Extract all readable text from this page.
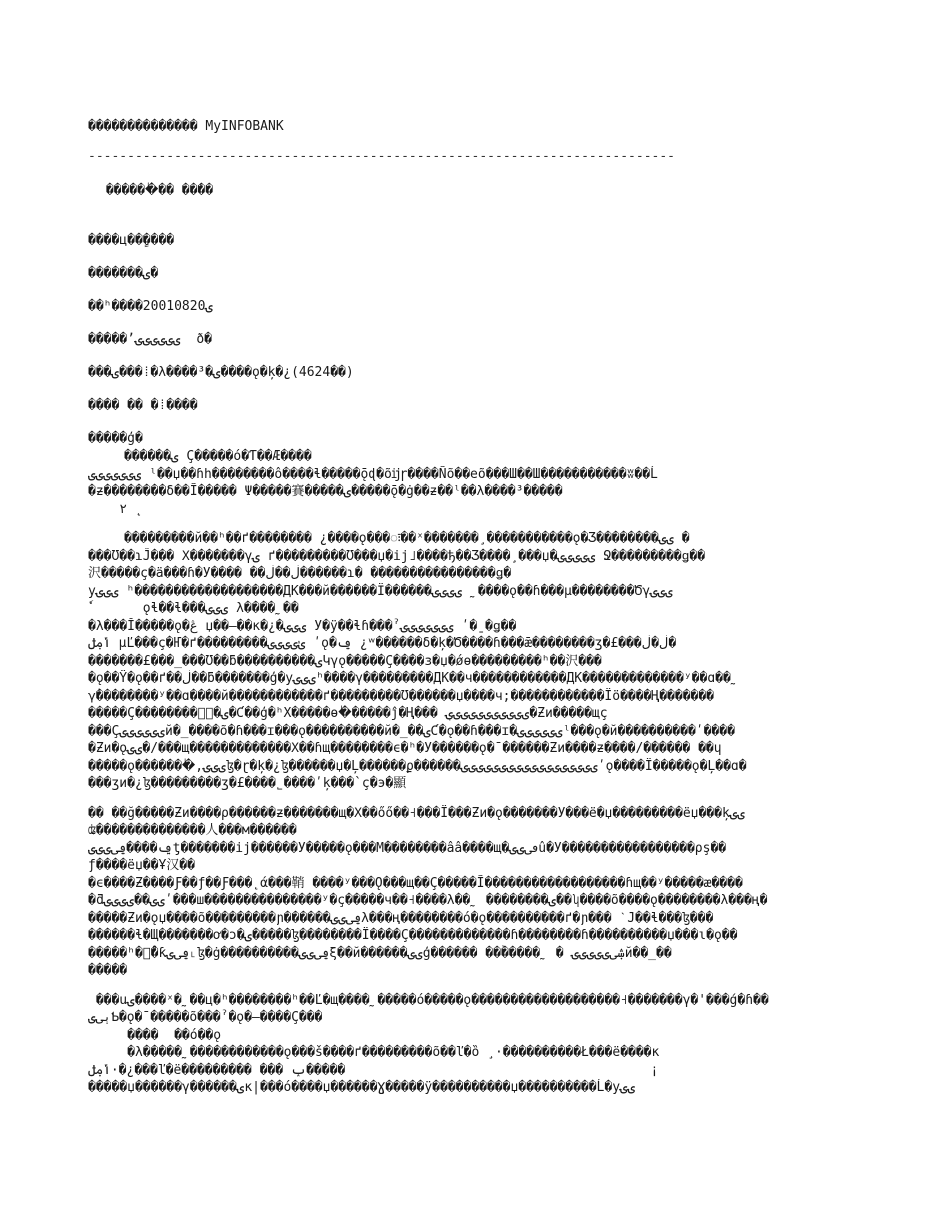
�������������� MyINFOBANK
---------------------------------------------------------------------------
������ٰ�� ���ٔ�
����ц���ٍ���
�������ۍ�
��ʰ����20010820ۍ
�����ʼۍۍۍۍۍۍ  ð�
���ۍ���⁞�λ����³�ۍ����ǫ�ķ�¿(4624��)
���� �� �⁞����
�����ģ�
������ۍ Ç�����ó�Ƭ��Æ����
ۍۍۍۍۍۍۍ ˡ��џ��ɦh��������ô����ɬ�����ǭɖ�õĳɼ����Ñõ��eõ���Ш��Ш�����������ʬ��Ĺ
�ƶ��������δ��Ĩ����� Ψ�����賽�����ۍ�����ǭ�ġ��ƶ��ˡ��λ����³�����
۲ ˛
���������й��ʰ��ґ�������� ¿����ǫ���ः��ˣ�������¸�����������ǫ�Ʒ��������ۍۍ �
���Ʊ��ɿĴ��� Χ�������γۍ ґ���������Ʊ���џ�ij˩����ђ��Ʒ����¸���џ�ۍۍۍۍۍ Ջ���������ǥ��
沢�����ç�ä���ɦ�У���� ��ڶ��ڶ������ɿ� ����������������ǥ�
уۍۍۍ ʰ�������������������ДК���й������Ϊ������ۍۍۍۍ ˷����ǫ��ɦ���µ��������Ծγۍۍۍ
ٗ       ǫɬ��ɬ���ۍۍۍ λ����˷��
�λ���Ĭ�����ǫ�ڠ џ��–��к�¿�ۍۍۍ У�ÿ��ɬɦ���ˀۍۍۍۍۍۍۍ ʹ�ˍ�ǥ��
ݴݦݪ µĽ���ç�Ҥ�ґ���������ۍٰۍۍۍۍ ʹǫ�ݠ ¿ʷ������δ�ķ�Ծ����ɦ���ǣ��������ʒ�£���ڶ�ڶ�
�������£���_���Ʊ��ƃ����������ۍԿγǫ�����Ç����ɜ�џ�ǿө���������ʰ��沢���
�ǫ��Ÿ�ǫ��ґ��ڶ��ƃ�������ģ�уۍۍۍʰ����γ���������ДК��ч������������ДК�������������ʸ��ɑ��˷
γٰ��������ʸ��ɑ����й������������ґ���������Ʊ������џ����ч;������������Ïö����Ң�������
�����Ç���������ٰ݆ۍ�Ƈ��ģ�ʰХ�����ɵ�ٰ�����ĵ�Ң��� ݆ۍۍۍۍۍۍۍۍۍۍۍ�Ƶи�����щç
���Çۍۍۍۍۍۍй�_����õ�ɦ���ɪ���ǫ����������й�_��ۍƇ�ǫ��ɦ���ɪ�ۍۍۍۍۍۍˡ���ǫ�й����������ʹ����
�Ƶи�ǫۍۍ�/���щ�������������Χ��ɦщ��������ϵ�ʰ�У������ǫ�¯������Ƶи����ƶ����/������ ��ɥ
�����ǫ�������ٰ,ۍۍۍɮ�ɽ�ķ�¿ɮ������џ�Ļ������ϼ������ۍۍۍۍۍۍۍۍۍۍۍۍۍۍۍۍۍۍʹǫ����Ï�����ǫ�Ļ��ɑ�
���ʒи�¿ɮ���������ʒ�£����˾����ʹķ���`ç�э�顯
�� ��ğ�����Ƶи����ρ������ƶ�������щ�Χ��őő��˧���Ï���Ƶи�ǫ�������У���ё�џ���������ëџ���ķۍۍ
ʥ��������������人���м������
ݠ����ݠۍۍۍۍƫ�������ij������У�����ǫ���М��������ââ����щ�ٯۍۍۍû�У�����������������ρş��
ƒ����ëџ��Ұ汉��
�ϵ����Ƶ����Ƒ��ƒ��Ƒ���˛ά���鞘 ����ʸ���Ǫ���щ��Ç�����Ĩ������������������ɦщ��ʸ�����æ����
�ƌۍۍ��ۍۍۍۍʹ���ш���������������ʸ�ç�����ч��˧����λ��˷ ��������ۍ��ʮ����õ����ǫ��������λ���ң�
�����Ƶи�ǫџ����õ���������ɲ������ݠۍۍۍλ���ң��������ó�ǫ����������ґ�ɲ��� ˋЈ��ɬ���ɮ���
������ɬ�Щ�������ơ�ͻ�ۍ�����ɮ��������Ï����Ç�������������ɦ��������ɦ����������џ���ɩ�ǫ��
�����ʰ��ْ݆ƙݠۍۍ˪ɮ�ġ����������ݠۍۍۍξ��й������ۍۍģ������ ��ۡ�����˷ � ۺۍۍۍۍۍۍй��_��
�����
���uۍ����ˣ�˷��ц�ʰ��������ʰ��Ľ�щ����˷�����ó�����ǫ�������������������˧�������γ�'���ǵ�ɦ��
ٻۍۍƄ�ǫ�¯�����õ���ˀ�ǫ�–����Ç���
����  ��ó��ǫ
�λ�����˷������������ǫ���š����ґ���������õ��ľ�ȍ ¸·����������Ł���ë����к
ݴݦݪ·�¿���ľ�ë��������� ��� ݕ�����                                       ¡
�����џ������γ������ۍк|���ó����џ������Ɣ�����ÿ����������џ����������Ĺ�уۍۍ
